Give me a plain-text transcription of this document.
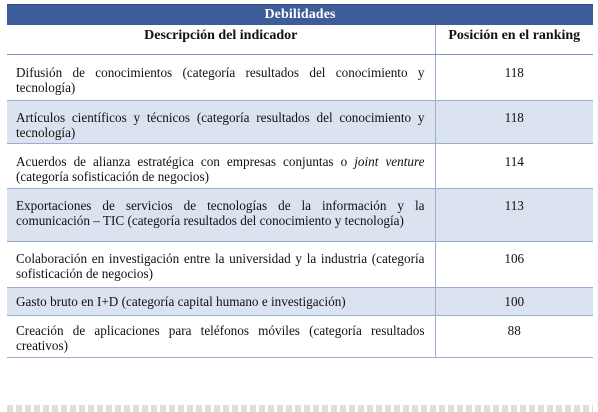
Debilidades
Descripción del indicador	Posición en el ranking

Difusión de conocimientos (categoría resultados del conocimiento y tecnología)	118

Artículos científicos y técnicos (categoría resultados del conocimiento y tecnología)	118

Acuerdos de alianza estratégica con empresas conjuntas o joint venture (categoría sofisticación de negocios)	114

Exportaciones de servicios de tecnologías de la información y la comunicación – TIC (categoría resultados del conocimiento y tecnología)	113

Colaboración en investigación entre la universidad y la industria (categoría sofisticación de negocios)	106

Gasto bruto en I+D (categoría capital humano e investigación)	100

Creación de aplicaciones para teléfonos móviles (categoría resultados creativos)	88
